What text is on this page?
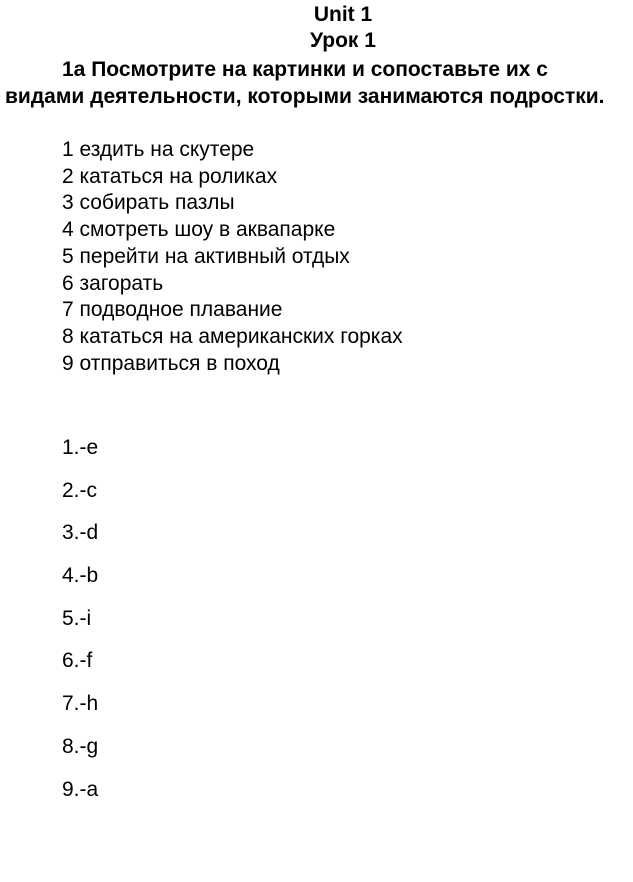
Unit 1
Урок 1
1a Посмотрите на картинки и сопоставьте их с видами деятельности, которыми занимаются подростки.
1 ездить на скутере
2 кататься на роликах
3 собирать пазлы
4 смотреть шоу в аквапарке
5 перейти на активный отдых
6 загорать
7 подводное плавание
8 кататься на американских горках
9 отправиться в поход
1.-e
2.-c
3.-d
4.-b
5.-i
6.-f
7.-h
8.-g
9.-a
